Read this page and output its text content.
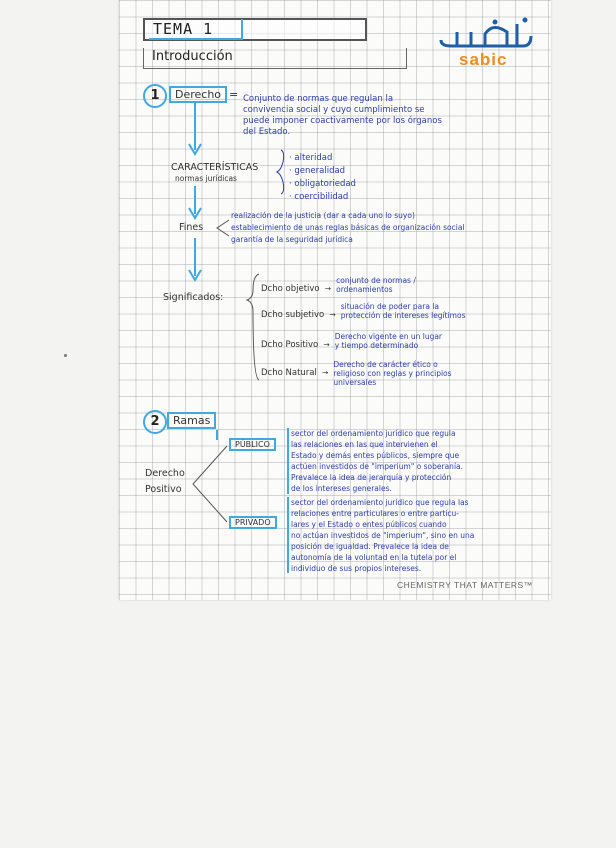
TEMA 1
Introducción	sabic
1	Derecho = Conjunto de normas que regulan la
convivencia social y cuyo cumplimiento se
puede imponer coactivamente por los órganos
del Estado.
CARACTERÍSTICAS
normas jurídicas
· alteridad
· generalidad
· obligatoriedad
· coercibilidad
Fines
realización de la justicia (dar a cada uno lo suyo)
establecimiento de unas reglas básicas de organización social
garantía de la seguridad jurídica
Significados:
Dcho objetivo → conjunto de normas /
ordenamientos
Dcho subjetivo → situación de poder para la
protección de intereses legítimos
Dcho Positivo → Derecho vigente en un lugar
y tiempo determinado
Dcho Natural → Derecho de carácter ético o
religioso con reglas y principios
universales
2	Ramas
Derecho
Positivo
PÚBLICO
sector del ordenamiento jurídico que regula
las relaciones en las que intervienen el
Estado y demás entes públicos, siempre que
actúen investidos de "imperium" o soberanía.
Prevalece la idea de jerarquía y protección
de los intereses generales.
PRIVADO
sector del ordenamiento jurídico que regula las
relaciones entre particulares o entre partícu-
lares y el Estado o entes públicos cuando
no actúan investidos de "imperium", sino en una
posición de igualdad. Prevalece la idea de
autonomía de la voluntad en la tutela por el
individuo de sus propios intereses.
CHEMISTRY THAT MATTERS™
